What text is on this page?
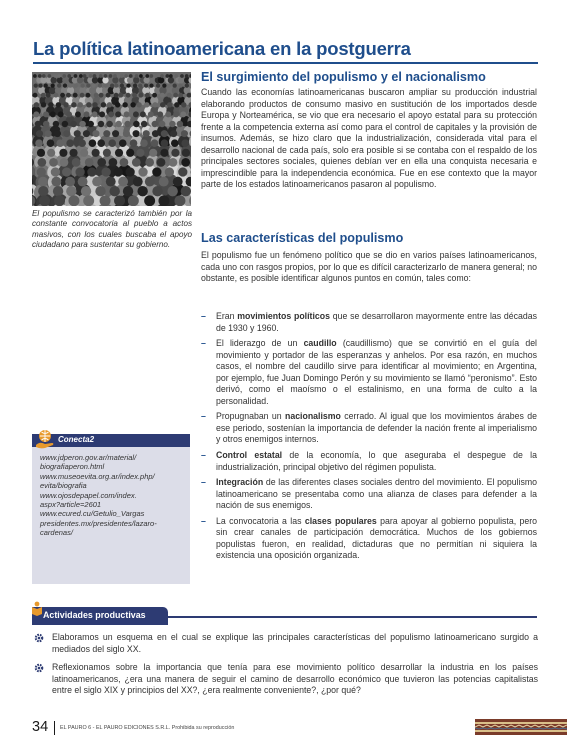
La política latinoamericana en la postguerra
El populismo se caracterizó también por la constante convocatoria al pueblo a actos masivos, con los cuales buscaba el apoyo ciudadano para sustentar su gobierno.
El surgimiento del populismo y el nacionalismo
Cuando las economías latinoamericanas buscaron ampliar su producción industrial elaborando productos de consumo masivo en sustitución de los importados desde Europa y Norteamérica, se vio que era necesario el apoyo estatal para su protección frente a la competencia externa así como para el control de capitales y la provisión de insumos. Además, se hizo claro que la industrialización, considerada vital para el desarrollo nacional de cada país, solo era posible si se contaba con el respaldo de los principales sectores sociales, quienes debían ver en ella una conquista necesaria e imprescindible para la independencia económica. Fue en ese contexto que la mayor parte de los estados latinoamericanos pasaron al populismo.
Las características del populismo
El populismo fue un fenómeno político que se dio en varios países latinoamericanos, cada uno con rasgos propios, por lo que es difícil caracterizarlo de manera general; no obstante, es posible identificar algunos puntos en común, tales como:
– Eran movimientos políticos que se desarrollaron mayormente entre las décadas de 1930 y 1960.
– El liderazgo de un caudillo (caudillismo) que se convirtió en el guía del movimiento y portador de las esperanzas y anhelos. Por esa razón, en muchos casos, el nombre del caudillo sirve para identificar al movimiento; en Argentina, por ejemplo, fue Juan Domingo Perón y su movimiento se llamó “peronismo”. Esto derivó, como el maoísmo o el estalinismo, en una forma de culto a la personalidad.
– Propugnaban un nacionalismo cerrado. Al igual que los movimientos árabes de ese periodo, sostenían la importancia de defender la nación frente al imperialismo y otros enemigos internos.
– Control estatal de la economía, lo que aseguraba el despegue de la industrialización, principal objetivo del régimen populista.
– Integración de las diferentes clases sociales dentro del movimiento. El populismo latinoamericano se presentaba como una alianza de clases para defender a la nación de sus enemigos.
– La convocatoria a las clases populares para apoyar al gobierno populista, pero sin crear canales de participación democrática. Muchos de los gobiernos populistas fueron, en realidad, dictaduras que no permitían ni siquiera la existencia una oposición organizada.
Conecta2
www.jdperon.gov.ar/material/
biografiaperon.html
www.museoevita.org.ar/index.php/
evita/biografia
www.ojosdepapel.com/index.
aspx?article=2601
www.ecured.cu/Getulio_Vargas
presidentes.mx/presidentes/lazaro-
cardenas/
Actividades productivas
Elaboramos un esquema en el cual se explique las principales características del populismo latinoamericano surgido a mediados del siglo XX.
Reflexionamos sobre la importancia que tenía para ese movimiento político desarrollar la industria en los países latinoamericanos, ¿era una manera de seguir el camino de desarrollo económico que tuvieron las potencias capitalistas entre el siglo XIX y principios del XX?, ¿era realmente conveniente?, ¿por qué?
34 EL PAURO 6 - EL PAURO EDICIONES S.R.L. Prohibida su reproducción
